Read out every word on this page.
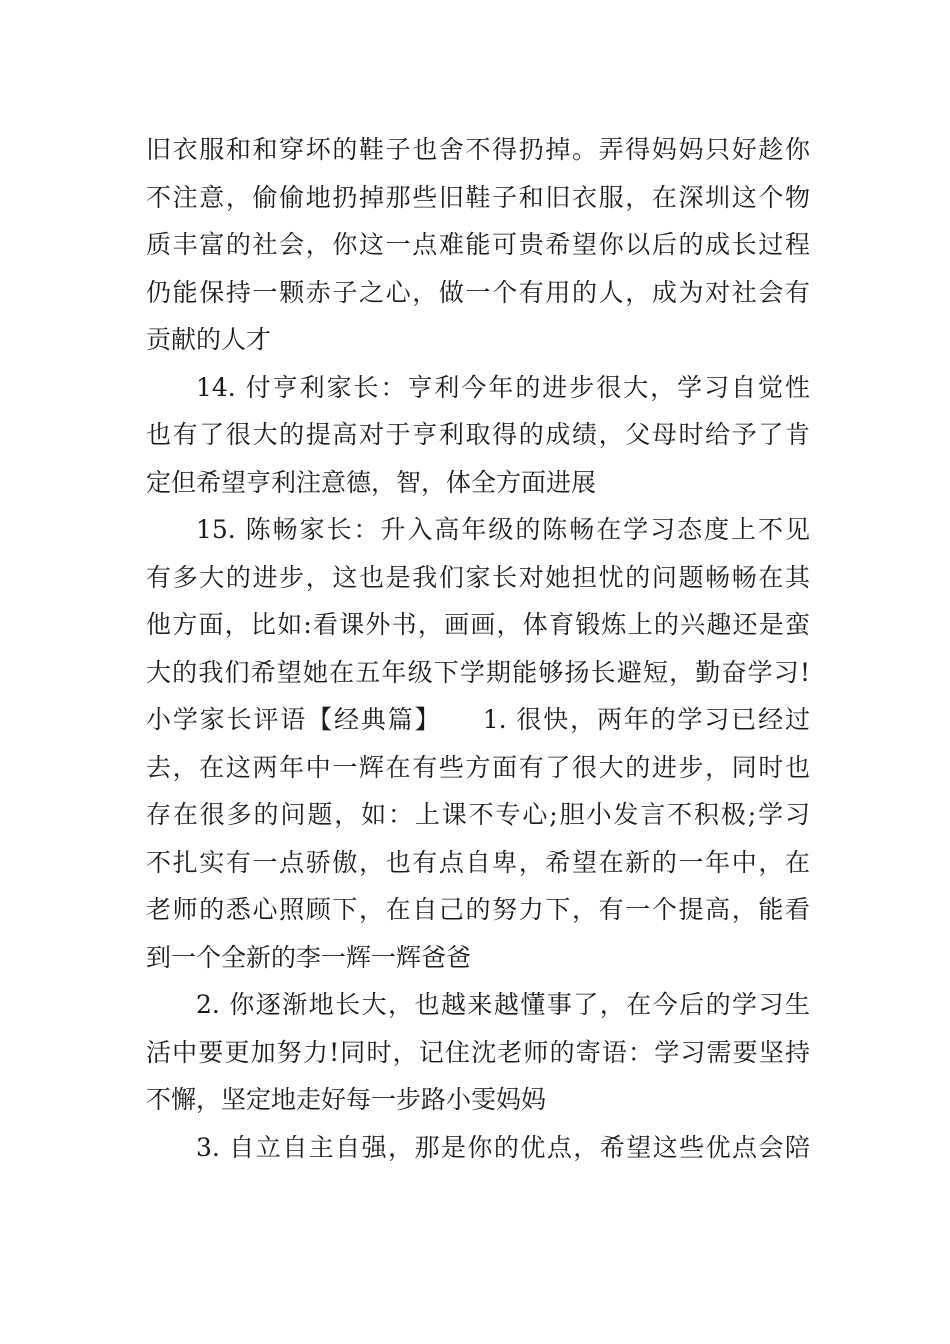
旧衣服和和穿坏的鞋子也舍不得扔掉。弄得妈妈只好趁你
不注意，偷偷地扔掉那些旧鞋子和旧衣服，在深圳这个物
质丰富的社会，你这一点难能可贵希望你以后的成长过程
仍能保持一颗赤子之心，做一个有用的人，成为对社会有
贡献的人才
14. 付亨利家长：亨利今年的进步很大，学习自觉性
也有了很大的提高对于亨利取得的成绩，父母时给予了肯
定但希望亨利注意德，智，体全方面进展
15. 陈畅家长：升入高年级的陈畅在学习态度上不见
有多大的进步，这也是我们家长对她担忧的问题畅畅在其
他方面，比如:看课外书，画画，体育锻炼上的兴趣还是蛮
大的我们希望她在五年级下学期能够扬长避短，勤奋学习!
小学家长评语【经典篇】　　1. 很快，两年的学习已经过
去，在这两年中一辉在有些方面有了很大的进步，同时也
存在很多的问题，如：上课不专心;胆小发言不积极;学习
不扎实有一点骄傲，也有点自卑，希望在新的一年中，在
老师的悉心照顾下，在自己的努力下，有一个提高，能看
到一个全新的李一辉一辉爸爸
2. 你逐渐地长大，也越来越懂事了，在今后的学习生
活中要更加努力!同时，记住沈老师的寄语：学习需要坚持
不懈，坚定地走好每一步路小雯妈妈
3. 自立自主自强，那是你的优点，希望这些优点会陪
